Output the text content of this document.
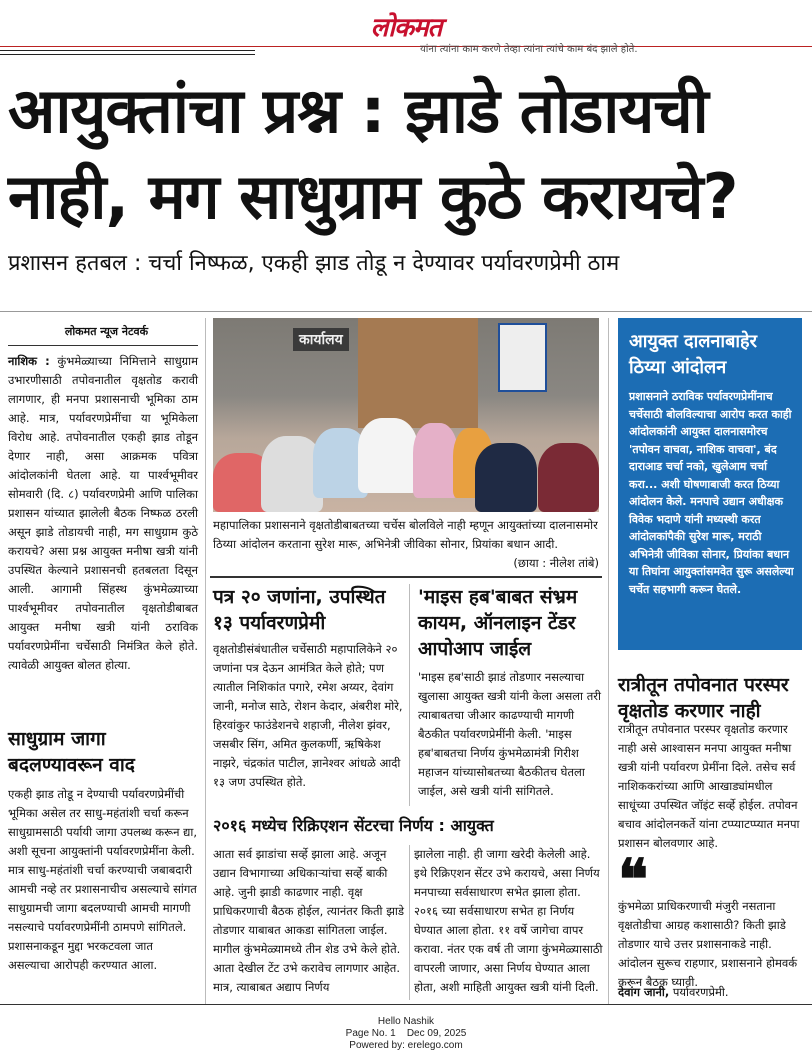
लोकमत
यांना त्यांना काम करणे तेव्हा त्यांना त्यांचे काम बंद झाले होते.
आयुक्तांचा प्रश्न : झाडे तोडायची
नाही, मग साधुग्राम कुठे करायचे?
प्रशासन हतबल : चर्चा निष्फळ, एकही झाड तोडू न देण्यावर पर्यावरणप्रेमी ठाम
लोकमत न्यूज नेटवर्क
नाशिक : कुंभमेळ्याच्या निमित्ताने साधुग्राम उभारणीसाठी तपोवनातील वृक्षतोड करावी लागणार, ही मनपा प्रशासनाची भूमिका ठाम आहे. मात्र, पर्यावरणप्रेमींचा या भूमिकेला विरोध आहे. तपोवनातील एकही झाड तोडून देणार नाही, असा आक्रमक पवित्रा आंदोलकांनी घेतला आहे. या पार्श्वभूमीवर सोमवारी (दि. ८) पर्यावरणप्रेमी आणि पालिका प्रशासन यांच्यात झालेली बैठक निष्फळ ठरली असून झाडे तोडायची नाही, मग साधुग्राम कुठे करायचे? असा प्रश्न आयुक्त मनीषा खत्री यांनी उपस्थित केल्याने प्रशासनची हतबलता दिसून आली. आगामी सिंहस्थ कुंभमेळ्याच्या पार्श्वभूमीवर तपोवनातील वृक्षतोडीबाबत आयुक्त मनीषा खत्री यांनी ठराविक पर्यावरणप्रेमींना चर्चेसाठी निमंत्रित केले होते. त्यावेळी आयुक्त बोलत होत्या.
साधुग्राम जागा बदलण्यावरून वाद
एकही झाड तोडू न देण्याची पर्यावरणप्रेमींची भूमिका असेल तर साधु-महंतांशी चर्चा करून साधुग्रामसाठी पर्यायी जागा उपलब्ध करून द्या, अशी सूचना आयुक्तांनी पर्यावरणप्रेमींना केली. मात्र साधु-महंतांशी चर्चा करण्याची जबाबदारी आमची नव्हे तर प्रशासनाचीच असल्याचे सांगत साधुग्रामची जागा बदलण्याची आमची मागणी नसल्याचे पर्यावरणप्रेमींनी ठामपणे सांगितले. प्रशासनाकडून मुद्दा भरकटवला जात असल्याचा आरोपही करण्यात आला.
कार्यालय
महापालिका प्रशासनाने वृक्षतोडीबाबतच्या चर्चेस बोलविले नाही म्हणून आयुक्तांच्या दालनासमोर ठिय्या आंदोलन करताना सुरेश मारू, अभिनेत्री जीविका सोनार, प्रियांका बधान आदी.
(छाया : नीलेश तांबे)
पत्र २० जणांना, उपस्थित १३ पर्यावरणप्रेमी
वृक्षतोडीसंबंधातील चर्चेसाठी महापालिकेने २० जणांना पत्र देऊन आमंत्रित केले होते; पण त्यातील निशिकांत पगारे, रमेश अय्यर, देवांग जानी, मनोज साठे, रोशन केदार, अंबरीश मोरे, हिरवांकुर फाउंडेशनचे शहाजी, नीलेश झंवर, जसबीर सिंग, अमित कुलकर्णी, ऋषिकेश नाझरे, चंद्रकांत पाटील, ज्ञानेश्वर आंधळे आदी १३ जण उपस्थित होते.
'माइस हब'बाबत संभ्रम कायम, ऑनलाइन टेंडर आपोआप जाईल
'माइस हब'साठी झाडं तोडणार नसल्याचा खुलासा आयुक्त खत्री यांनी केला असला तरी त्याबाबतचा जीआर काढण्याची मागणी बैठकीत पर्यावरणप्रेमींनी केली. 'माइस हब'बाबतचा निर्णय कुंभमेळामंत्री गिरीश महाजन यांच्यासोबतच्या बैठकीतच घेतला जाईल, असे खत्री यांनी सांगितले.
२०१६ मध्येच रिक्रिएशन सेंटरचा निर्णय : आयुक्त
आता सर्व झाडांचा सर्व्हे झाला आहे. अजून उद्यान विभागाच्या अधिकाऱ्यांचा सर्व्हे बाकी आहे. जुनी झाडी काढणार नाही. वृक्ष प्राधिकरणाची बैठक होईल, त्यानंतर किती झाडे तोडणार याबाबत आकडा सांगितला जाईल. मागील कुंभमेळ्यामध्ये तीन शेड उभे केले होते. आता देखील टेंट उभे करावेच लागणार आहेत. मात्र, त्याबाबत अद्याप निर्णय
झालेला नाही. ही जागा खरेदी केलेली आहे. इथे रिक्रिएशन सेंटर उभे करायचे, असा निर्णय मनपाच्या सर्वसाधारण सभेत झाला होता. २०१६ च्या सर्वसाधारण सभेत हा निर्णय घेण्यात आला होता. ११ वर्षे जागेचा वापर करावा. नंतर एक वर्ष ती जागा कुंभमेळ्यासाठी वापरली जाणार, असा निर्णय घेण्यात आला होता, अशी माहिती आयुक्त खत्री यांनी दिली.
आयुक्त दालनाबाहेर ठिय्या आंदोलन
प्रशासनाने ठराविक पर्यावरणप्रेमींनाच चर्चेसाठी बोलविल्याचा आरोप करत काही आंदोलकांनी आयुक्त दालनासमोरच 'तपोवन वाचवा, नाशिक वाचवा', बंद दाराआड चर्चा नको, खुलेआम चर्चा करा... अशी घोषणाबाजी करत ठिय्या आंदोलन केले. मनपाचे उद्यान अधीक्षक विवेक भदाणे यांनी मध्यस्थी करत आंदोलकांपैकी सुरेश मारू, मराठी अभिनेत्री जीविका सोनार, प्रियांका बधान या तिघांना आयुक्तांसमवेत सुरू असलेल्या चर्चेत सहभागी करून घेतले.
रात्रीतून तपोवनात परस्पर वृक्षतोड करणार नाही
रात्रीतून तपोवनात परस्पर वृक्षतोड करणार नाही असे आश्वासन मनपा आयुक्त मनीषा खत्री यांनी पर्यावरण प्रेमींना दिले. तसेच सर्व नाशिककरांच्या आणि आखाड्यांमधील साधूंच्या उपस्थित जॉइंट सर्व्हे होईल. तपोवन बचाव आंदोलनकर्ते यांना टप्प्याटप्प्यात मनपा प्रशासन बोलवणार आहे.
❝
कुंभमेळा प्राधिकरणाची मंजुरी नसताना वृक्षतोडीचा आग्रह कशासाठी? किती झाडे तोडणार याचे उत्तर प्रशासनाकडे नाही. आंदोलन सुरूच राहणार, प्रशासनाने होमवर्क करून बैठक घ्यावी.
देवांग जानी, पर्यावरणप्रेमी.
Hello Nashik
Page No. 1 Dec 09, 2025
Powered by: erelego.com
